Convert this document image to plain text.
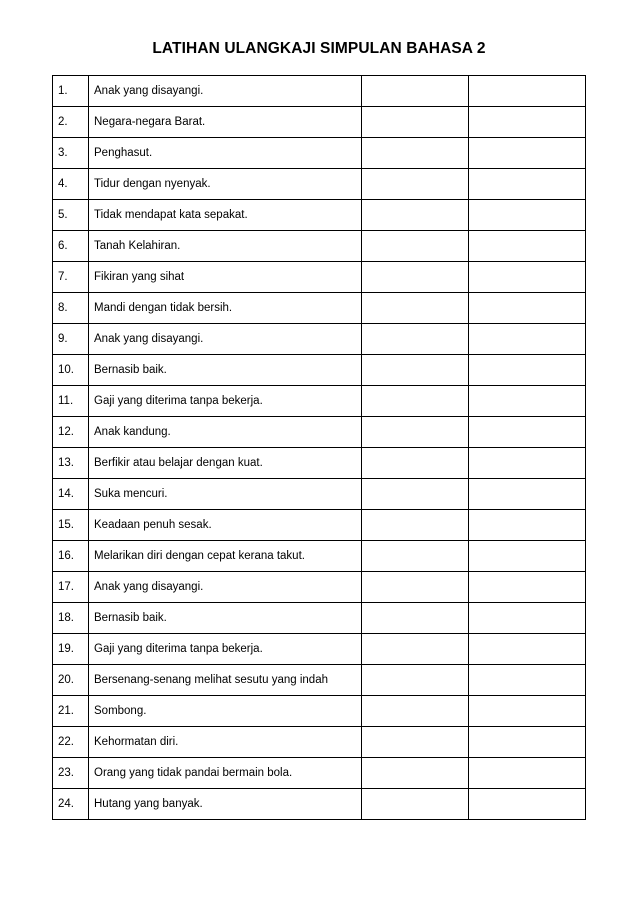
LATIHAN ULANGKAJI SIMPULAN BAHASA 2
1.	Anak yang disayangi.		
2.	Negara-negara Barat.		
3.	Penghasut.		
4.	Tidur dengan nyenyak.		
5.	Tidak mendapat kata sepakat.		
6.	Tanah Kelahiran.		
7.	Fikiran yang sihat		
8.	Mandi dengan tidak bersih.		
9.	Anak yang disayangi.		
10.	Bernasib baik.		
11.	Gaji yang diterima tanpa bekerja.		
12.	Anak kandung.		
13.	Berfikir atau belajar dengan kuat.		
14.	Suka mencuri.		
15.	Keadaan penuh sesak.		
16.	Melarikan diri dengan cepat kerana takut.		
17.	Anak yang disayangi.		
18.	Bernasib baik.		
19.	Gaji yang diterima tanpa bekerja.		
20.	Bersenang-senang melihat sesutu yang indah		
21.	Sombong.		
22.	Kehormatan diri.		
23.	Orang yang tidak pandai bermain bola.		
24.	Hutang yang banyak.		
